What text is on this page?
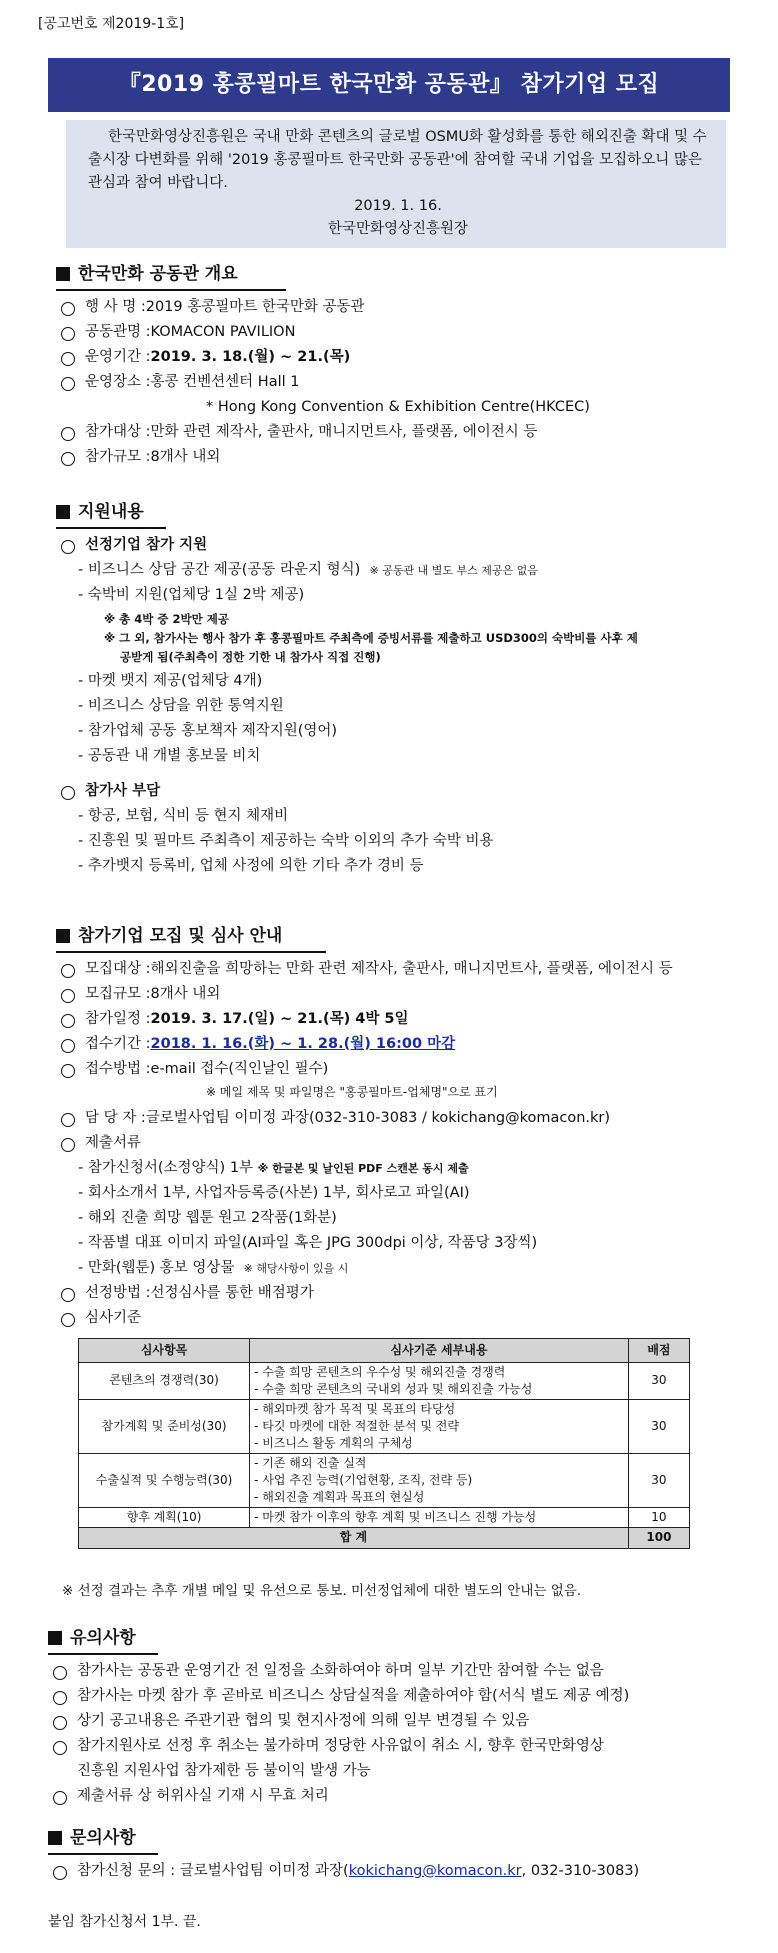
[공고번호 제2019-1호]
『2019 홍콩필마트 한국만화 공동관』 참가기업 모집

한국만화영상진흥원은 국내 만화 콘텐츠의 글로벌 OSMU화 활성화를 통한 해외진출 확대 및 수출시장 다변화를 위해 '2019 홍콩필마트 한국만화 공동관'에 참여할 국내 기업을 모집하오니 많은 관심과 참여 바랍니다.

2019. 1. 16.
한국만화영상진흥원장
한국만화 공동관 개요
행 사 명 : 2019 홍콩필마트 한국만화 공동관
공동관명 : KOMACON PAVILION
운영기간 : 2019. 3. 18.(월) ~ 21.(목)
운영장소 : 홍콩 컨벤션센터 Hall 1
* Hong Kong Convention & Exhibition Centre(HKCEC)
참가대상 : 만화 관련 제작사, 출판사, 매니지먼트사, 플랫폼, 에이전시 등
참가규모 : 8개사 내외
지원내용
선정기업 참가 지원
- 비즈니스 상담 공간 제공(공동 라운지 형식)
※ 공동관 내 별도 부스 제공은 없음
- 숙박비 지원(업체당 1실 2박 제공)
※ 총 4박 중 2박만 제공
※ 그 외, 참가사는 행사 참가 후 홍콩필마트 주최측에 증빙서류를 제출하고 USD300의 숙박비를 사후 제
공받게 됨(주최측이 정한 기한 내 참가사 직접 진행)
- 마켓 뱃지 제공(업체당 4개)
- 비즈니스 상담을 위한 통역지원
- 참가업체 공동 홍보책자 제작지원(영어)
- 공동관 내 개별 홍보물 비치
참가사 부담
- 항공, 보험, 식비 등 현지 체재비
- 진흥원 및 필마트 주최측이 제공하는 숙박 이외의 추가 숙박 비용
- 추가뱃지 등록비, 업체 사정에 의한 기타 추가 경비 등
참가기업 모집 및 심사 안내
모집대상 : 해외진출을 희망하는 만화 관련 제작사, 출판사, 매니지먼트사, 플랫폼, 에이전시 등
모집규모 : 8개사 내외
참가일정 : 2019. 3. 17.(일) ~ 21.(목) 4박 5일
접수기간 : 2018. 1. 16.(화) ~ 1. 28.(월) 16:00 마감
접수방법 : e-mail 접수(직인날인 필수)
※ 메일 제목 및 파일명은 "홍콩필마트-업체명"으로 표기
담 당 자 : 글로벌사업팀 이미정 과장(032-310-3083 / kokichang@komacon.kr)
제출서류
- 참가신청서(소정양식) 1부
※ 한글본 및 날인된 PDF 스캔본 동시 제출
- 회사소개서 1부, 사업자등록증(사본) 1부, 회사로고 파일(AI)
- 해외 진출 희망 웹툰 원고 2작품(1화분)
- 작품별 대표 이미지 파일(AI파일 혹은 JPG 300dpi 이상, 작품당 3장씩)
- 만화(웹툰) 홍보 영상물
※ 해당사항이 있을 시
선정방법 : 선정심사를 통한 배점평가
심사기준
심사항목	심사기준 세부내용	배점
콘텐츠의 경쟁력(30)	- 수출 희망 콘텐츠의 우수성 및 해외진출 경쟁력
- 수출 희망 콘텐츠의 국내외 성과 및 해외진출 가능성	30
참가계획 및 준비성(30)	- 해외마켓 참가 목적 및 목표의 타당성
- 타깃 마켓에 대한 적절한 분석 및 전략
- 비즈니스 활동 계획의 구체성	30
수출실적 및 수행능력(30)	- 기존 해외 진출 실적
- 사업 추진 능력(기업현황, 조직, 전략 등)
- 해외진출 계획과 목표의 현실성	30
향후 계획(10)	- 마켓 참가 이후의 향후 계획 및 비즈니스 진행 가능성	10
합 계		100
※ 선정 결과는 추후 개별 메일 및 유선으로 통보. 미선정업체에 대한 별도의 안내는 없음.
유의사항
참가사는 공동관 운영기간 전 일정을 소화하여야 하며 일부 기간만 참여할 수는 없음
참가사는 마켓 참가 후 곧바로 비즈니스 상담실적을 제출하여야 함(서식 별도 제공 예정)
상기 공고내용은 주관기관 협의 및 현지사정에 의해 일부 변경될 수 있음
참가지원사로 선정 후 취소는 불가하며 정당한 사유없이 취소 시, 향후 한국만화영상
진흥원 지원사업 참가제한 등 불이익 발생 가능
제출서류 상 허위사실 기재 시 무효 처리
문의사항
참가신청 문의 : 글로벌사업팀 이미정 과장( kokichang@komacon.kr , 032-310-3083)
붙임 참가신청서 1부. 끝.
